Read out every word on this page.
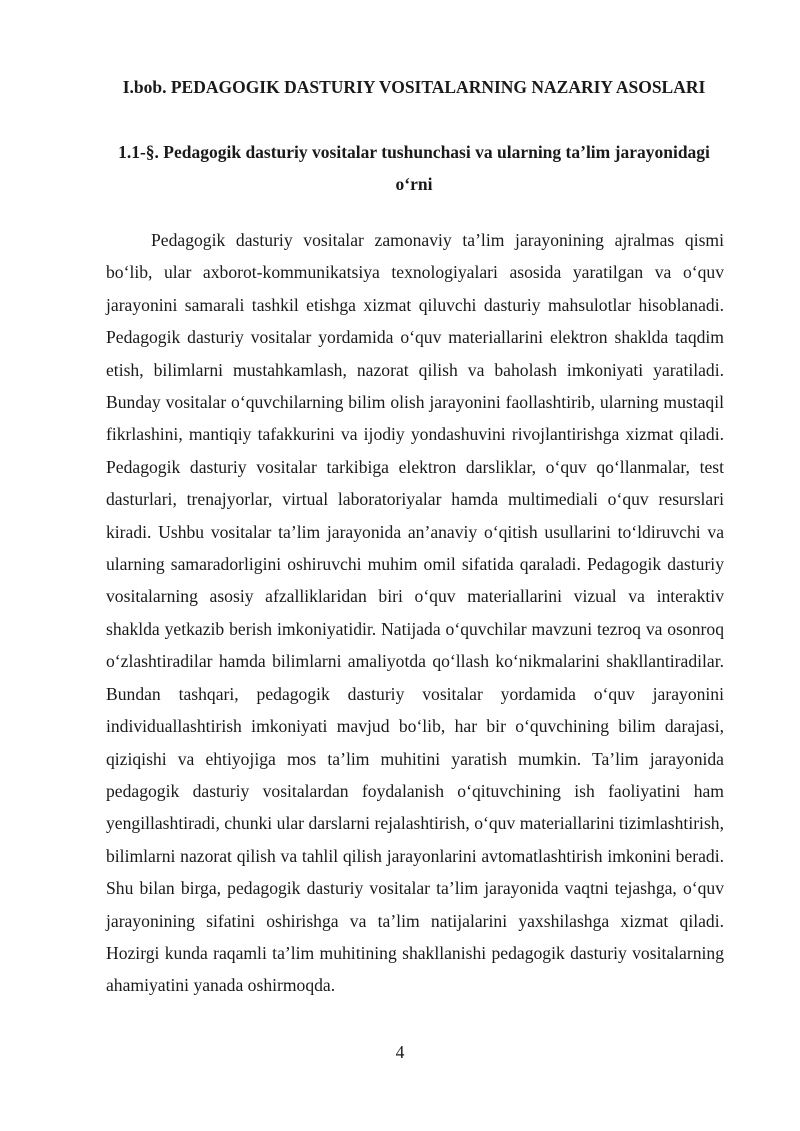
I.bob. PEDAGOGIK DASTURIY VOSITALARNING NAZARIY ASOSLARI
1.1-§. Pedagogik dasturiy vositalar tushunchasi va ularning ta’lim jarayonidagi o‘rni

Pedagogik dasturiy vositalar zamonaviy ta’lim jarayonining ajralmas qismi bo‘lib, ular axborot-kommunikatsiya texnologiyalari asosida yaratilgan va o‘quv jarayonini samarali tashkil etishga xizmat qiluvchi dasturiy mahsulotlar hisoblanadi. Pedagogik dasturiy vositalar yordamida o‘quv materiallarini elektron shaklda taqdim etish, bilimlarni mustahkamlash, nazorat qilish va baholash imkoniyati yaratiladi. Bunday vositalar o‘quvchilarning bilim olish jarayonini faollashtirib, ularning mustaqil fikrlashini, mantiqiy tafakkurini va ijodiy yondashuvini rivojlantirishga xizmat qiladi. Pedagogik dasturiy vositalar tarkibiga elektron darsliklar, o‘quv qo‘llanmalar, test dasturlari, trenajyorlar, virtual laboratoriyalar hamda multimediali o‘quv resurslari kiradi. Ushbu vositalar ta’lim jarayonida an’anaviy o‘qitish usullarini to‘ldiruvchi va ularning samaradorligini oshiruvchi muhim omil sifatida qaraladi. Pedagogik dasturiy vositalarning asosiy afzalliklaridan biri o‘quv materiallarini vizual va interaktiv shaklda yetkazib berish imkoniyatidir. Natijada o‘quvchilar mavzuni tezroq va osonroq o‘zlashtiradilar hamda bilimlarni amaliyotda qo‘llash ko‘nikmalarini shakllantiradilar. Bundan tashqari, pedagogik dasturiy vositalar yordamida o‘quv jarayonini individuallashtirish imkoniyati mavjud bo‘lib, har bir o‘quvchining bilim darajasi, qiziqishi va ehtiyojiga mos ta’lim muhitini yaratish mumkin. Ta’lim jarayonida pedagogik dasturiy vositalardan foydalanish o‘qituvchining ish faoliyatini ham yengillashtiradi, chunki ular darslarni rejalashtirish, o‘quv materiallarini tizimlashtirish, bilimlarni nazorat qilish va tahlil qilish jarayonlarini avtomatlashtirish imkonini beradi. Shu bilan birga, pedagogik dasturiy vositalar ta’lim jarayonida vaqtni tejashga, o‘quv jarayonining sifatini oshirishga va ta’lim natijalarini yaxshilashga xizmat qiladi. Hozirgi kunda raqamli ta’lim muhitining shakllanishi pedagogik dasturiy vositalarning ahamiyatini yanada oshirmoqda.

4
